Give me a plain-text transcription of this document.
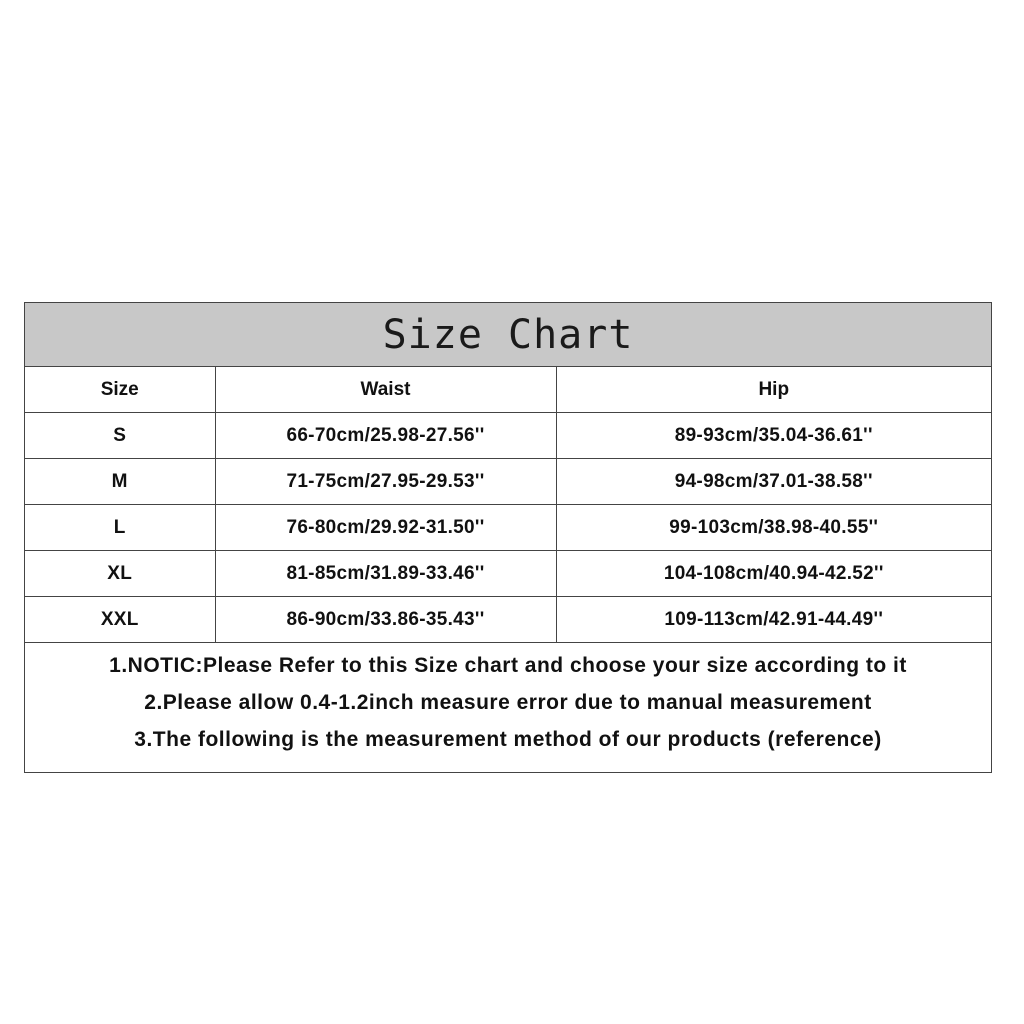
Size Chart
Size	Waist	Hip
S	66-70cm/25.98-27.56''	89-93cm/35.04-36.61''
M	71-75cm/27.95-29.53''	94-98cm/37.01-38.58''
L	76-80cm/29.92-31.50''	99-103cm/38.98-40.55''
XL	81-85cm/31.89-33.46''	104-108cm/40.94-42.52''
XXL	86-90cm/33.86-35.43''	109-113cm/42.91-44.49''
1.NOTIC:Please Refer to this Size chart and choose your size according to it
2.Please allow 0.4-1.2inch measure error due to manual measurement
3.The following is the measurement method of our products (reference)
